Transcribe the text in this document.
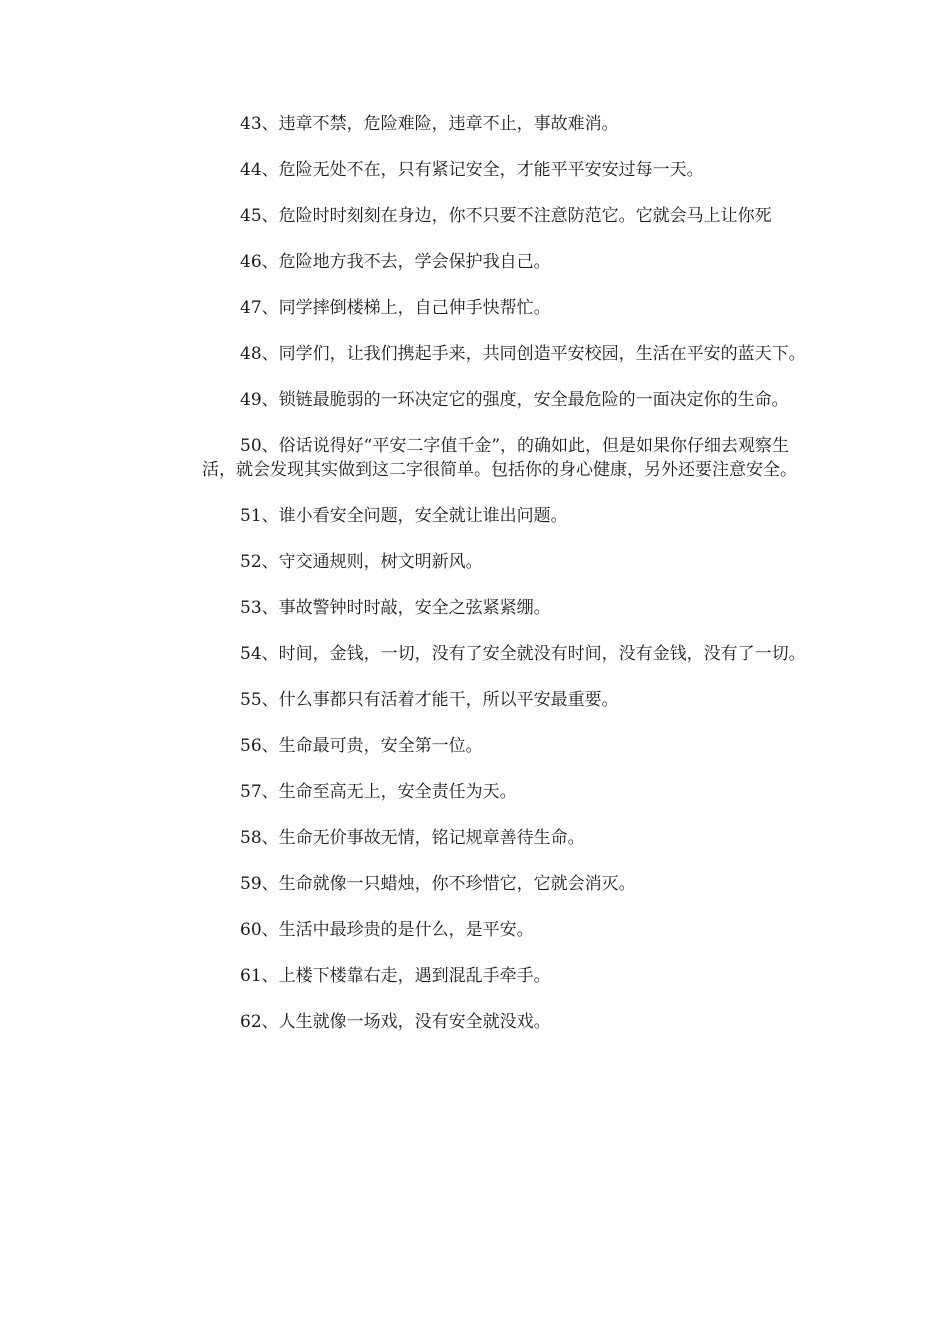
43、违章不禁，危险难险，违章不止，事故难消。

44、危险无处不在，只有紧记安全，才能平平安安过每一天。

45、危险时时刻刻在身边，你不只要不注意防范它。它就会马上让你死

46、危险地方我不去，学会保护我自己。

47、同学摔倒楼梯上，自己伸手快帮忙。

48、同学们，让我们携起手来，共同创造平安校园，生活在平安的蓝天下。

49、锁链最脆弱的一环决定它的强度，安全最危险的一面决定你的生命。

50、俗话说得好“平安二字值千金”，的确如此，但是如果你仔细去观察生活，就会发现其实做到这二字很简单。包括你的身心健康，另外还要注意安全。

51、谁小看安全问题，安全就让谁出问题。

52、守交通规则，树文明新风。

53、事故警钟时时敲，安全之弦紧紧绷。

54、时间，金钱，一切，没有了安全就没有时间，没有金钱，没有了一切。

55、什么事都只有活着才能干，所以平安最重要。

56、生命最可贵，安全第一位。

57、生命至高无上，安全责任为天。

58、生命无价事故无情，铭记规章善待生命。

59、生命就像一只蜡烛，你不珍惜它，它就会消灭。

60、生活中最珍贵的是什么，是平安。

61、上楼下楼靠右走，遇到混乱手牵手。

62、人生就像一场戏，没有安全就没戏。
